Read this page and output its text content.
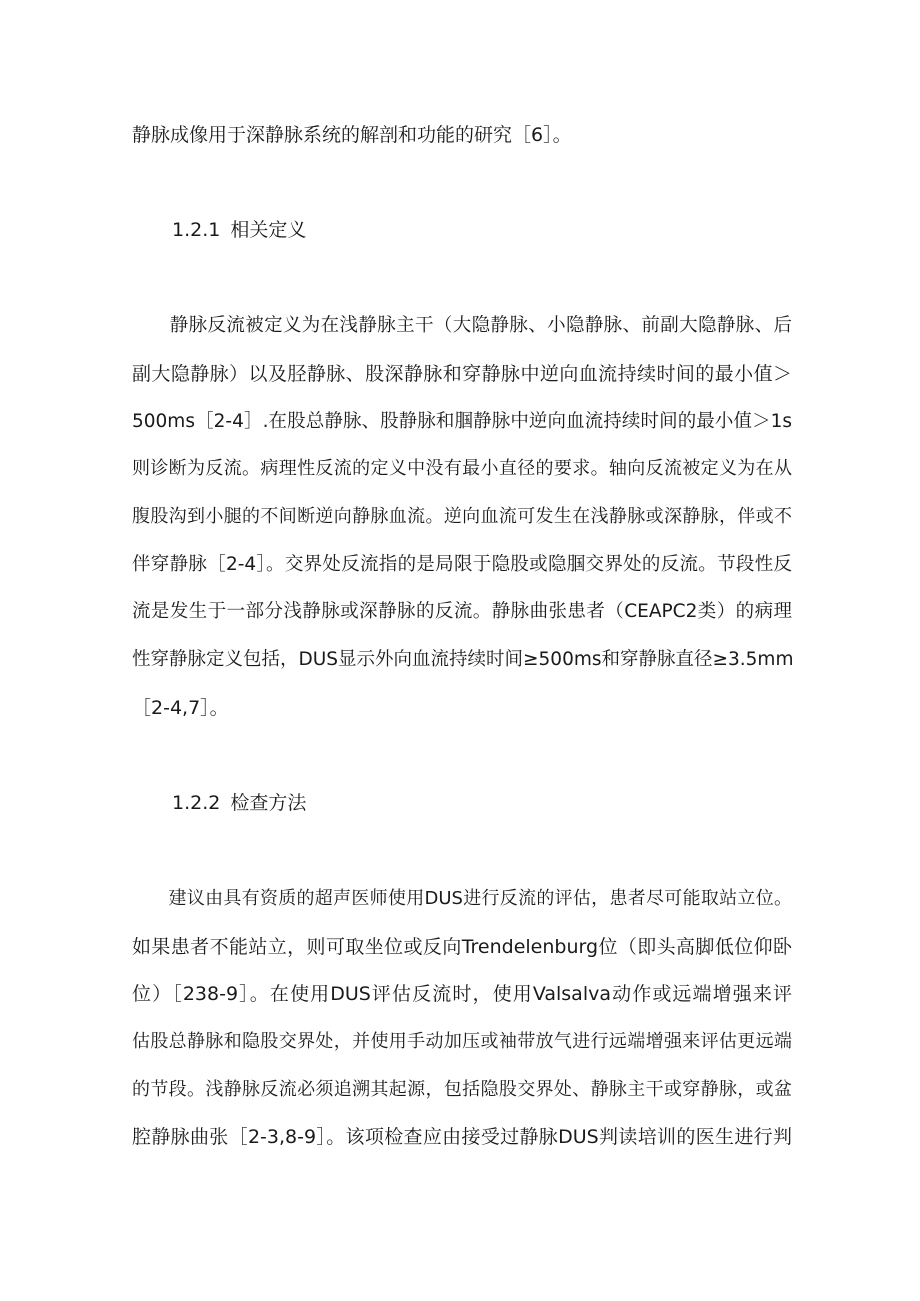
静脉成像用于深静脉系统的解剖和功能的研究［6］。
1.2.1 相关定义
　　静脉反流被定义为在浅静脉主干（大隐静脉、小隐静脉、前副大隐静脉、后
副大隐静脉）以及胫静脉、股深静脉和穿静脉中逆向血流持续时间的最小值＞
500ms［2-4］.在股总静脉、股静脉和腘静脉中逆向血流持续时间的最小值＞1s
则诊断为反流。病理性反流的定义中没有最小直径的要求。轴向反流被定义为在从
腹股沟到小腿的不间断逆向静脉血流。逆向血流可发生在浅静脉或深静脉，伴或不
伴穿静脉［2-4］。交界处反流指的是局限于隐股或隐腘交界处的反流。节段性反
流是发生于一部分浅静脉或深静脉的反流。静脉曲张患者（CEAPC2类）的病理
性穿静脉定义包括，DUS显示外向血流持续时间≥500ms和穿静脉直径≥3.5mm
［2-4,7］。
1.2.2 检查方法
　　建议由具有资质的超声医师使用DUS进行反流的评估，患者尽可能取站立位。
如果患者不能站立，则可取坐位或反向Trendelenburg位（即头高脚低位仰卧
位）［238-9］。在使用DUS评估反流时，使用Valsalva动作或远端增强来评
估股总静脉和隐股交界处，并使用手动加压或袖带放气进行远端增强来评估更远端
的节段。浅静脉反流必须追溯其起源，包括隐股交界处、静脉主干或穿静脉，或盆
腔静脉曲张［2-3,8-9］。该项检查应由接受过静脉DUS判读培训的医生进行判
